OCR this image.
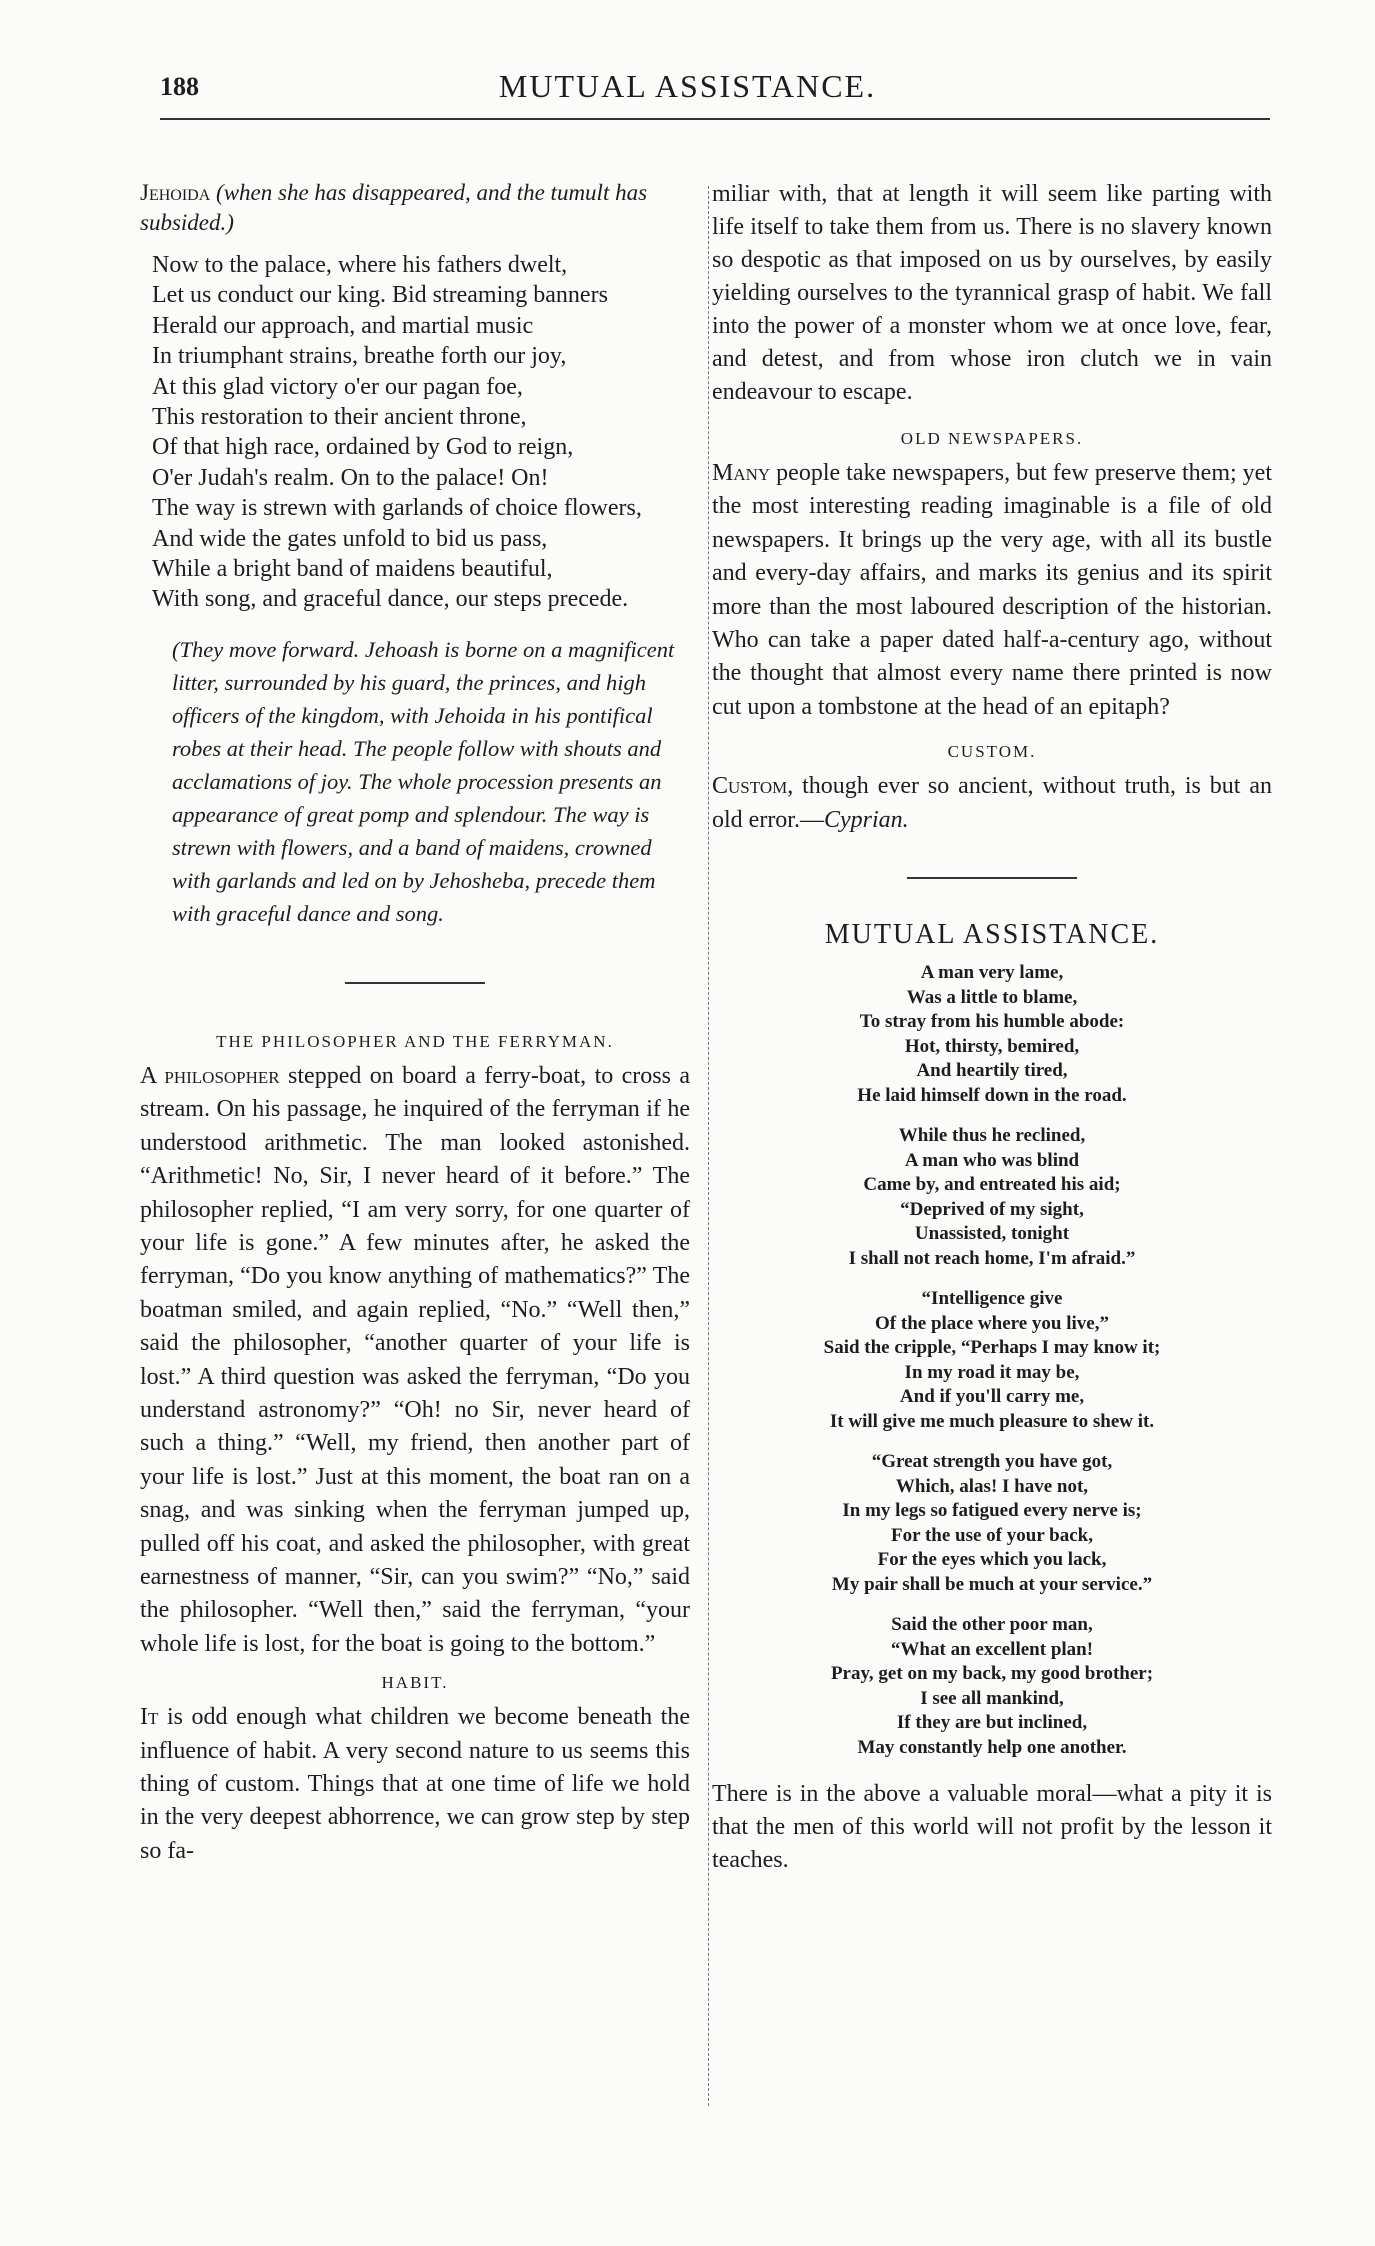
188	MUTUAL ASSISTANCE.
Jehoida (when she has disappeared, and the tumult has subsided.)
Now to the palace, where his fathers dwelt,
Let us conduct our king. Bid streaming banners
Herald our approach, and martial music
In triumphant strains, breathe forth our joy,
At this glad victory o'er our pagan foe,
This restoration to their ancient throne,
Of that high race, ordained by God to reign,
O'er Judah's realm. On to the palace! On!
The way is strewn with garlands of choice flowers,
And wide the gates unfold to bid us pass,
While a bright band of maidens beautiful,
With song, and graceful dance, our steps precede.
(They move forward. Jehoash is borne on a magnificent litter, surrounded by his guard, the princes, and high officers of the kingdom, with Jehoida in his pontifical robes at their head. The people follow with shouts and acclamations of joy. The whole procession presents an appearance of great pomp and splendour. The way is strewn with flowers, and a band of maidens, crowned with garlands and led on by Jehosheba, precede them with graceful dance and song.
THE PHILOSOPHER AND THE FERRYMAN.
A philosopher stepped on board a ferry-boat, to cross a stream. On his passage, he inquired of the ferryman if he understood arithmetic. The man looked astonished. “Arithmetic! No, Sir, I never heard of it before.” The philosopher replied, “I am very sorry, for one quarter of your life is gone.” A few minutes after, he asked the ferryman, “Do you know anything of mathematics?” The boatman smiled, and again replied, “No.” “Well then,” said the philosopher, “another quarter of your life is lost.” A third question was asked the ferryman, “Do you understand astronomy?” “Oh! no Sir, never heard of such a thing.” “Well, my friend, then another part of your life is lost.” Just at this moment, the boat ran on a snag, and was sinking when the ferryman jumped up, pulled off his coat, and asked the philosopher, with great earnestness of manner, “Sir, can you swim?” “No,” said the philosopher. “Well then,” said the ferryman, “your whole life is lost, for the boat is going to the bottom.”
HABIT.
It is odd enough what children we become beneath the influence of habit. A very second nature to us seems this thing of custom. Things that at one time of life we hold in the very deepest abhorrence, we can grow step by step so fa-
miliar with, that at length it will seem like parting with life itself to take them from us. There is no slavery known so despotic as that imposed on us by ourselves, by easily yielding ourselves to the tyrannical grasp of habit. We fall into the power of a monster whom we at once love, fear, and detest, and from whose iron clutch we in vain endeavour to escape.
OLD NEWSPAPERS.
Many people take newspapers, but few preserve them; yet the most interesting reading imaginable is a file of old newspapers. It brings up the very age, with all its bustle and every-day affairs, and marks its genius and its spirit more than the most laboured description of the historian. Who can take a paper dated half-a-century ago, without the thought that almost every name there printed is now cut upon a tombstone at the head of an epitaph?
CUSTOM.
Custom, though ever so ancient, without truth, is but an old error.—Cyprian.
MUTUAL ASSISTANCE.
A man very lame,
Was a little to blame,
To stray from his humble abode:
Hot, thirsty, bemired,
And heartily tired,
He laid himself down in the road.
While thus he reclined,
A man who was blind
Came by, and entreated his aid;
“Deprived of my sight,
Unassisted, tonight
I shall not reach home, I'm afraid.”
“Intelligence give
Of the place where you live,”
Said the cripple, “Perhaps I may know it;
In my road it may be,
And if you'll carry me,
It will give me much pleasure to shew it.
“Great strength you have got,
Which, alas! I have not,
In my legs so fatigued every nerve is;
For the use of your back,
For the eyes which you lack,
My pair shall be much at your service.”
Said the other poor man,
“What an excellent plan!
Pray, get on my back, my good brother;
I see all mankind,
If they are but inclined,
May constantly help one another.
There is in the above a valuable moral—what a pity it is that the men of this world will not profit by the lesson it teaches.
